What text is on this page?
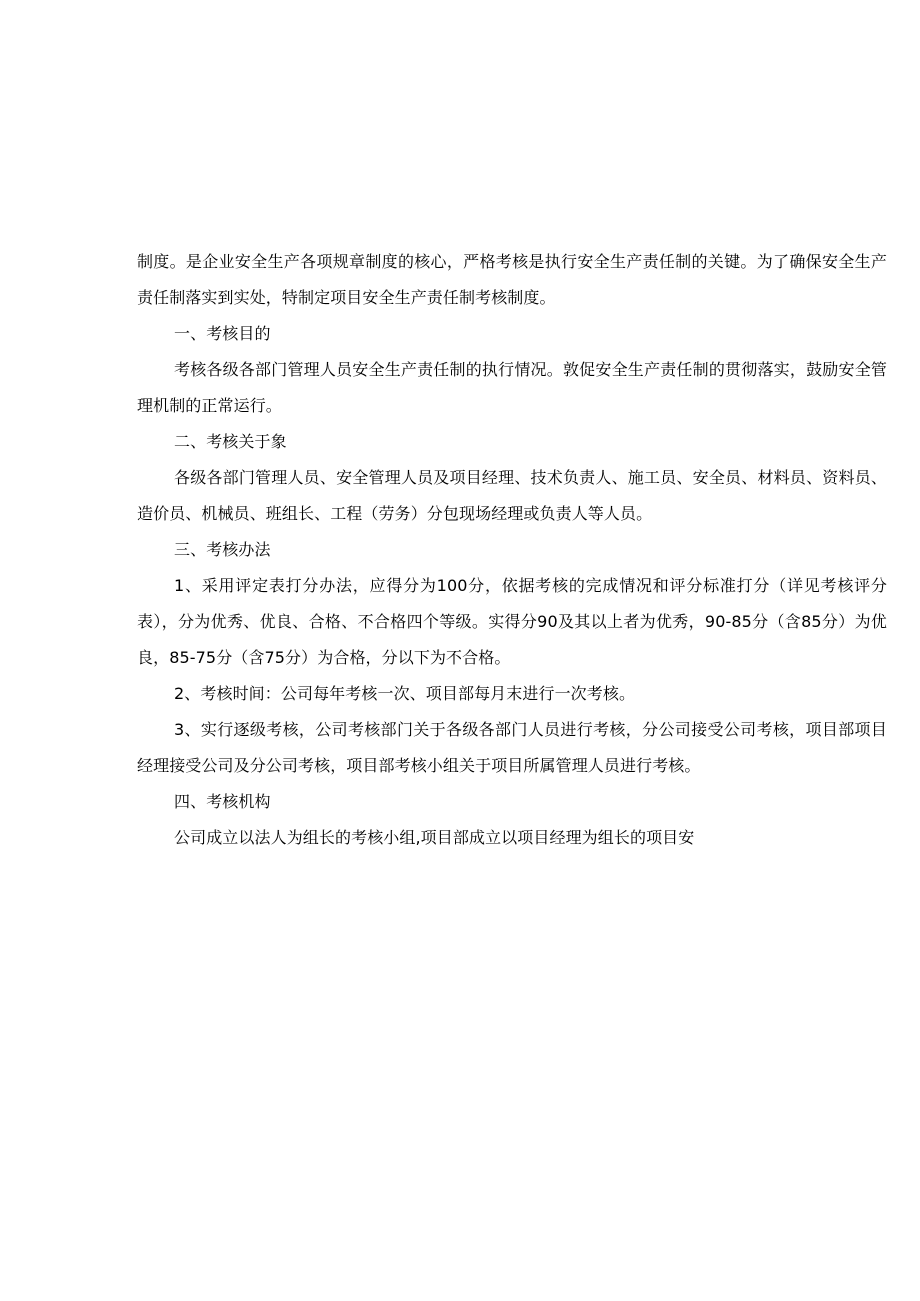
制度。是企业安全生产各项规章制度的核心，严格考核是执行安全生产责任制的关键。为了确保安全生产责任制落实到实处，特制定项目安全生产责任制考核制度。

一、考核目的

考核各级各部门管理人员安全生产责任制的执行情况。敦促安全生产责任制的贯彻落实，鼓励安全管理机制的正常运行。

二、考核关于象

各级各部门管理人员、安全管理人员及项目经理、技术负责人、施工员、安全员、材料员、资料员、造价员、机械员、班组长、工程（劳务）分包现场经理或负责人等人员。

三、考核办法

1、采用评定表打分办法，应得分为100分，依据考核的完成情况和评分标准打分（详见考核评分表），分为优秀、优良、合格、不合格四个等级。实得分90及其以上者为优秀，90-85分（含85分）为优良，85-75分（含75分）为合格，分以下为不合格。

2、考核时间：公司每年考核一次、项目部每月末进行一次考核。

3、实行逐级考核，公司考核部门关于各级各部门人员进行考核，分公司接受公司考核，项目部项目经理接受公司及分公司考核，项目部考核小组关于项目所属管理人员进行考核。

四、考核机构

公司成立以法人为组长的考核小组,项目部成立以项目经理为组长的项目安
